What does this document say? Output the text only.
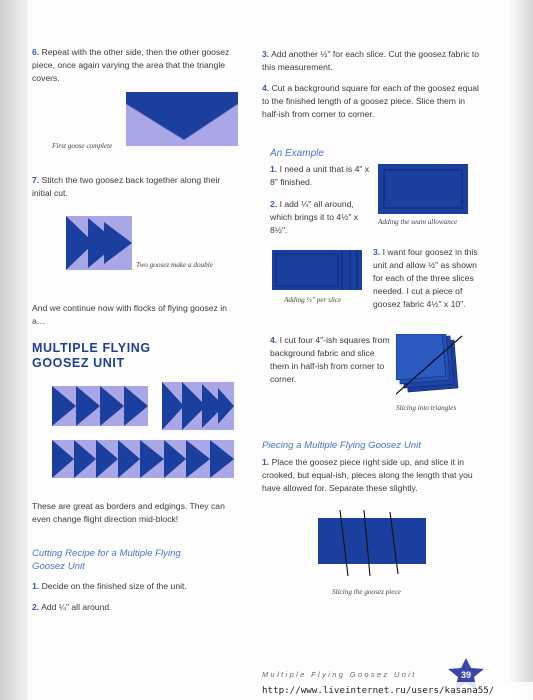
6. Repeat with the other side, then the other goosez piece, once again varying the area that the triangle covers.
First goose complete
7. Stitch the two goosez back together along their initial cut.
Two goosez make a double
And we continue now with flocks of flying goosez in a…
MULTIPLE FLYING
GOOSEZ UNIT
These are great as borders and edgings. They can even change flight direction mid-block!
Cutting Recipe for a Multiple Flying
Goosez Unit
1. Decide on the finished size of the unit.
2. Add ¼" all around.
3. Add another ½" for each slice. Cut the goosez fabric to this measurement.
4. Cut a background square for each of the goosez equal to the finished length of a goosez piece. Slice them in half-ish from corner to corner.
An Example
1. I need a unit that is 4" x 8" finished.
Adding the seam allowance
2. I add ¼" all around, which brings it to 4½" x 8½".
Adding ½" per slice
3. I want four goosez in this unit and allow ½" as shown for each of the three slices needed. I cut a piece of goosez fabric 4½" x 10".
4. I cut four 4"-ish squares from background fabric and slice them in half-ish from corner to corner.
Slicing into triangles
Piecing a Multiple Flying Goosez Unit
1. Place the goosez piece right side up, and slice it in crooked, but equal-ish, pieces along the length that you have allowed for. Separate these slightly.
Slicing the goosez piece
Multiple Flying Goosez Unit	39
http://www.liveinternet.ru/users/kasana55/
